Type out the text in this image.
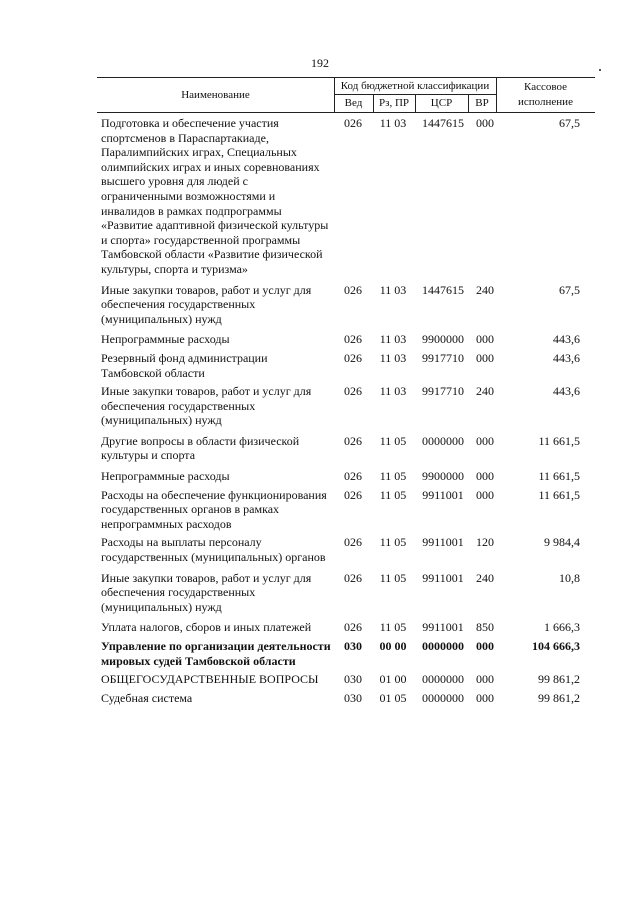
192
Наименование
Код бюджетной классификации
Вед	Рз, ПР	ЦСР	ВР
Кассовое
исполнение
Подготовка и обеспечение участия спортсменов в Параспартакиаде, Паралимпийских играх, Специальных олимпийских играх и иных соревнованиях высшего уровня для людей с ограниченными возможностями и инвалидов в рамках подпрограммы «Развитие адаптивной физической культуры и спорта» государственной программы Тамбовской области «Развитие физической культуры, спорта и туризма»
026	11 03	1447615	000	67,5
Иные закупки товаров, работ и услуг для обеспечения государственных (муниципальных) нужд
026	11 03	1447615	240	67,5
Непрограммные расходы	026	11 03	9900000	000	443,6
Резервный фонд администрации Тамбовской области
026	11 03	9917710	000	443,6
Иные закупки товаров, работ и услуг для обеспечения государственных (муниципальных) нужд
026	11 03	9917710	240	443,6
Другие вопросы в области физической культуры и спорта
026	11 05	0000000	000	11 661,5
Непрограммные расходы	026	11 05	9900000	000	11 661,5
Расходы на обеспечение функционирования государственных органов в рамках непрограммных расходов
026	11 05	9911001	000	11 661,5
Расходы на выплаты персоналу государственных (муниципальных) органов
026	11 05	9911001	120	9 984,4
Иные закупки товаров, работ и услуг для обеспечения государственных (муниципальных) нужд
026	11 05	9911001	240	10,8
Уплата налогов, сборов и иных платежей	026	11 05	9911001	850	1 666,3
Управление по организации деятельности мировых судей Тамбовской области
030	00 00	0000000	000	104 666,3
ОБЩЕГОСУДАРСТВЕННЫЕ ВОПРОСЫ	030	01 00	0000000	000	99 861,2
Судебная система	030	01 05	0000000	000	99 861,2
